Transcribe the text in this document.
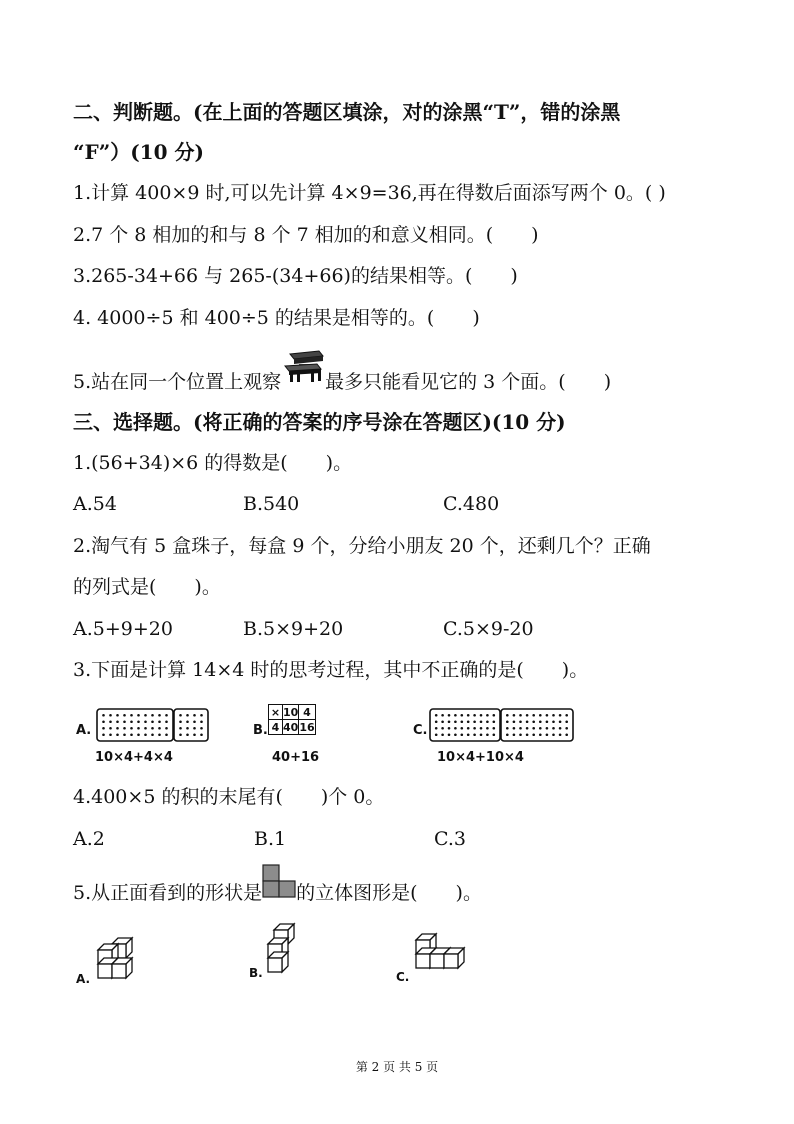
二、判断题。(在上面的答题区填涂，对的涂黑“T”，错的涂黑
“F”）(10 分)
1.计算 400×9 时,可以先计算 4×9=36,再在得数后面添写两个 0。( )
2.7 个 8 相加的和与 8 个 7 相加的和意义相同。(　　)
3.265-34+66 与 265-(34+66)的结果相等。(　　)
4. 4000÷5 和 400÷5 的结果是相等的。(　　)
5.站在同一个位置上观察 最多只能看见它的 3 个面。(　　)
三、选择题。(将正确的答案的序号涂在答题区)(10 分)
1.(56+34)×6 的得数是(　　)。
A.54	B.540	C.480
2.淘气有 5 盒珠子，每盒 9 个，分给小朋友 20 个，还剩几个？正确
的列式是(　　)。
A.5+9+20	B.5×9+20	C.5×9-20
3.下面是计算 14×4 时的思考过程，其中不正确的是(　　)。
A.
10×4+4×4
B.
×	10	4
4	40	16
40+16
C.
10×4+10×4
4.400×5 的积的末尾有(　　)个 0。
A.2	B.1	C.3
5.从正面看到的形状是 的立体图形是(　　)。
A.	B.	C.
第 2 页 共 5 页
